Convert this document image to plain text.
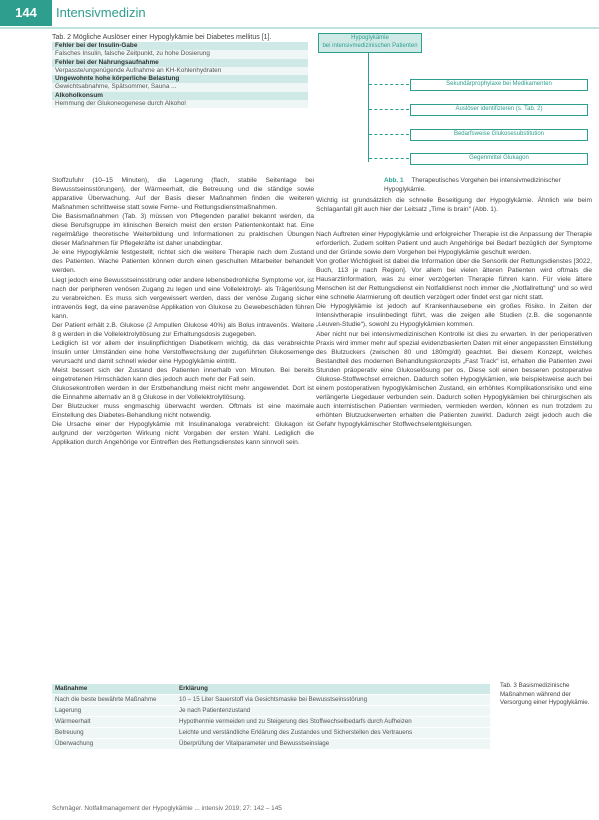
144	Intensivmedizin
Tab. 2 Mögliche Auslöser einer Hypoglykämie bei Diabetes mellitus [1].
Fehler bei der Insulin-Gabe
Falsches Insulin, falsche Zeitpunkt, zu hohe Dosierung
Fehler bei der Nahrungsaufnahme
Verpasste/ungenügende Aufnahme an KH-Kohlenhydraten
Ungewohnte hohe körperliche Belastung
Gewichtsabnahme, Spätsommer, Sauna ...
Alkoholkonsum
Hemmung der Glukoneogenese durch Alkohol
Hypoglykämie
bei intensivmedizinischen Patienten
Sekundärprophylaxe bei Medikamenten
Auslöser identifizieren (s. Tab. 2)
Bedarfsweise Glukosesubstitution
Gegenmittel Glukagon
Abb. 1 Therapeutisches Vorgehen bei intensivmedizinischer Hypoglykämie.

Stoffzufuhr (10–15 Minuten), die Lagerung (flach, stabile Seitenlage bei Bewusstseinsstörungen), der Wärmeerhalt, die Betreuung und die ständige sowie apparative Überwachung. Auf der Basis dieser Maßnahmen finden die weiteren Maßnahmen schrittweise statt sowie Ferne- und Rettungsdienstmaßnahmen.

Die Basismaßnahmen (Tab. 3) müssen von Pflegenden parallel bekannt werden, da diese Berufsgruppe im klinischen Bereich meist den ersten Patientenkontakt hat. Eine regelmäßige theoretische Weiterbildung und Informationen zu praktischen Übungen dieser Maßnahmen für Pflegekräfte ist daher unabdingbar.

Je eine Hypoglykämie festgestellt, richtet sich die weitere Therapie nach dem Zustand des Patienten. Wache Patienten können durch einen geschulten Mitarbeiter behandelt werden.

Liegt jedoch eine Bewusstseinsstörung oder andere lebensbedrohliche Symptome vor, ist nach der peripheren venösen Zugang zu legen und eine Vollelektrolyt- als Trägerlösung zu verabreichen. Es muss sich vergewissert werden, dass der venöse Zugang sicher intravenös liegt, da eine paravenöse Applikation von Glukose zu Gewebeschäden führen kann.

Der Patient erhält z.B. Glukose (2 Ampullen Glukose 40%) als Bolus intravenös. Weitere 8 g werden in die Vollelektrolytlösung zur Erhaltungsdosis zugegeben.

Lediglich ist vor allem der insulinpflichtigen Diabetikern wichtig, da das verabreichte Insulin unter Umständen eine hohe Verstoffwechslung der zugeführten Glukosemenge verursacht und damit schnell wieder eine Hypoglykämie eintritt.

Meist bessert sich der Zustand des Patienten innerhalb von Minuten. Bei bereits eingetretenen Hirnschäden kann dies jedoch auch mehr der Fall sein.

Glukosekontrollen werden in der Erstbehandlung meist nicht mehr angewendet. Dort ist die Einnahme alternativ an 8 g Glukose in der Vollelektrolytlösung.

Der Blutzucker muss engmaschig überwacht werden. Oftmals ist eine maximale Einstellung des Diabetes-Behandlung nicht notwendig.

Die Ursache einer der Hypoglykämie mit Insulinanaloga verabreicht: Glukagon ist aufgrund der verzögerten Wirkung nicht Vorgaben der ersten Wahl. Lediglich die Applikation durch Angehörige vor Eintreffen des Rettungsdienstes kann sinnvoll sein.

Wichtig ist grundsätzlich die schnelle Beseitigung der Hypoglykämie. Ähnlich wie beim Schlaganfall gilt auch hier der Leitsatz „Time is brain“ (Abb. 1).

Nach Auftreten einer Hypoglykämie und erfolgreicher Therapie ist die Anpassung der Therapie erforderlich. Zudem sollten Patient und auch Angehörige bei Bedarf bezüglich der Symptome und der Gründe sowie dem Vorgehen bei Hypoglykämie geschult werden.

Von großer Wichtigkeit ist dabei die Information über die Sensorik der Rettungsdienstes [3022, Buch, 113 je nach Region]. Vor allem bei vielen älteren Patienten wird oftmals die Hausarztinformation, was zu einer verzögerten Therapie führen kann. Für viele ältere Menschen ist der Rettungsdienst ein Notfalldienst noch immer die „Notfallrettung“ und so wird eine schnelle Alarmierung oft deutlich verzögert oder findet erst gar nicht statt.

Die Hypoglykämie ist jedoch auf Krankenhausebene ein großes Risiko. In Zeiten der Intensivtherapie insulinbedingt führt, was die zeigen alle Studien (z.B. die sogenannte „Leuven-Studie“), sowohl zu Hypoglykämien kommen.

Aber nicht nur bei intensivmedizinischen Kontrolle ist dies zu erwarten. In der perioperativen Praxis wird immer mehr auf spezial evidenzbasierten Daten mit einer angepassten Einstellung des Blutzuckers (zwischen 80 und 180mg/dl) geachtet. Bei diesem Konzept, welches Bestandteil des modernen Behandlungskonzepts „Fast Track“ ist, erhalten die Patienten zwei Stunden präoperativ eine Glukoselösung per os. Diese soll einen besseren postoperative Glukose-Stoffwechsel erreichen. Dadurch sollen Hypoglykämien, wie beispielsweise auch bei einem postoperativen hypoglykämischen Zustand, ein erhöhtes Komplikationsrisiko und eine verlängerte Liegedauer verbunden sein. Dadurch sollen Hypoglykämien bei chirurgischen als auch internistischen Patienten vermieden, vermieden werden, können es nun trotzdem zu erhöhten Blutzuckerwerten erhalten die Patienten zuwirkt. Dadurch zeigt jedoch auch die Gefahr hypoglykämischer Stoffwechselentgleisungen.

Maßnahme	Erklärung
Nach die beste bewährte Maßnahme	10 – 15 Liter Sauerstoff via Gesichtsmaske bei Bewusstseinsstörung
Lagerung	Je nach Patientenzustand
Wärmeerhalt	Hypothermie vermeiden und zu Steigerung des Stoffwechselbedarfs durch Aufheizen
Betreuung	Leichte und verständliche Erklärung des Zustandes und Sicherstellen des Vertrauens
Überwachung	Überprüfung der Vitalparameter und Bewusstseinslage
Tab. 3 Basismedizinische Maßnahmen während der Versorgung einer Hypoglykämie.
Schmäger. Notfallmanagement der Hypoglykämie ... intensiv 2019; 27: 142 – 145
